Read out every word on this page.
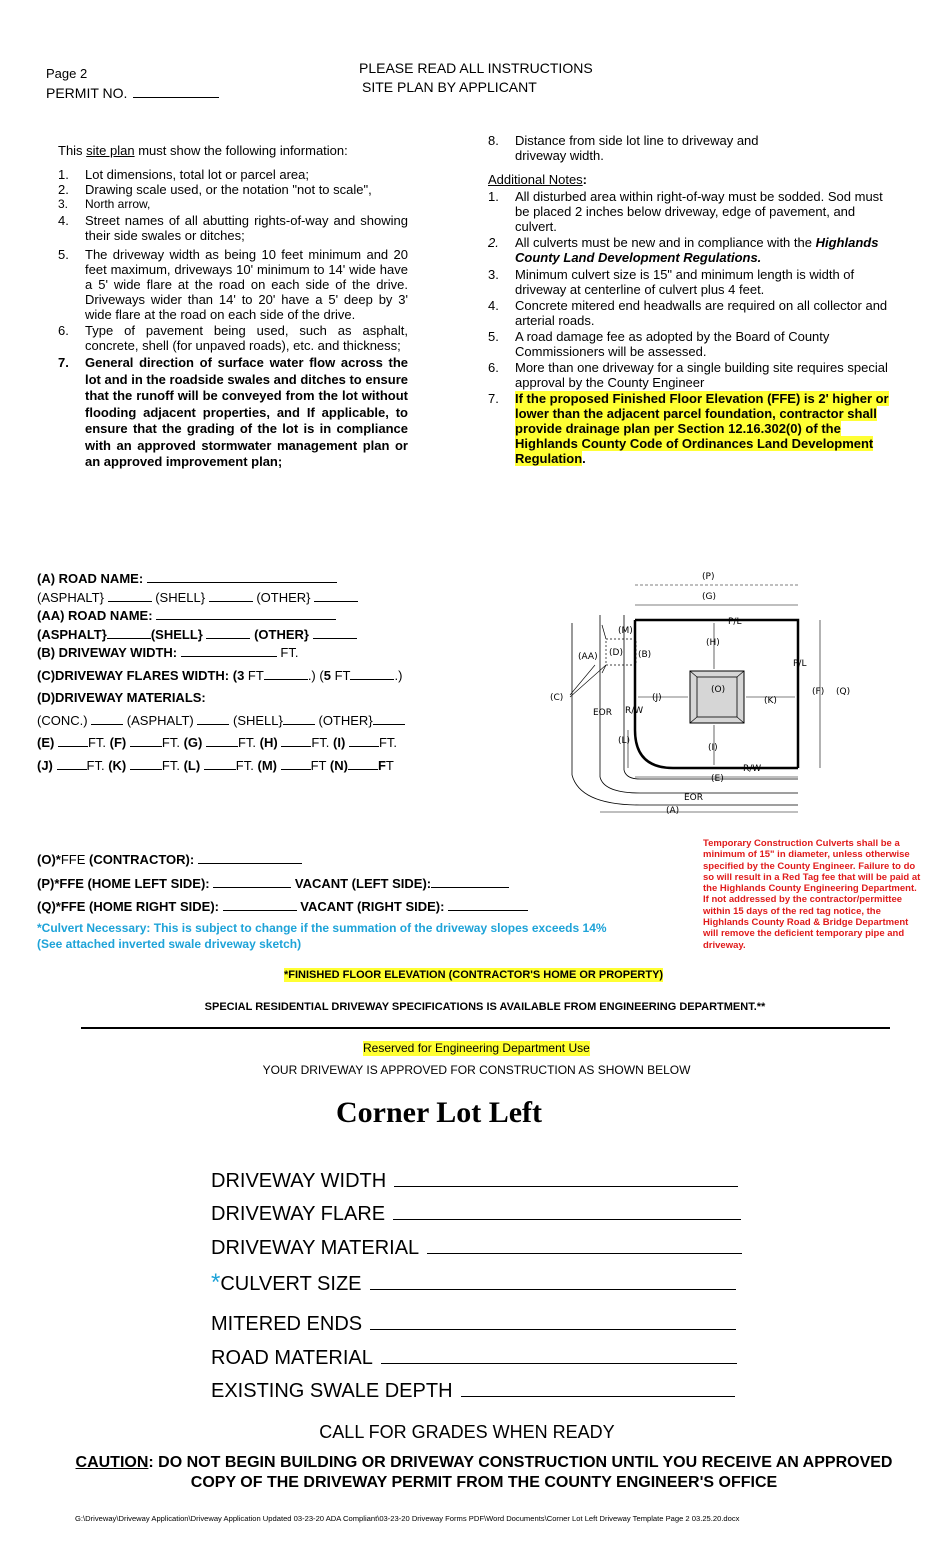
Page 2
PERMIT NO.
PLEASE READ ALL INSTRUCTIONS
SITE PLAN BY APPLICANT
This site plan must show the following information:
1. Lot dimensions, total lot or parcel area;
2. Drawing scale used, or the notation "not to scale",
3. North arrow,
4. Street names of all abutting rights-of-way and showing their side swales or ditches;
5. The driveway width as being 10 feet minimum and 20 feet maximum, driveways 10' minimum to 14' wide have a 5' wide flare at the road on each side of the drive. Driveways wider than 14' to 20' have a 5' deep by 3' wide flare at the road on each side of the drive.
6. Type of pavement being used, such as asphalt, concrete, shell (for unpaved roads), etc. and thickness;
7. General direction of surface water flow across the lot and in the roadside swales and ditches to ensure that the runoff will be conveyed from the lot without flooding adjacent properties, and If applicable, to ensure that the grading of the lot is in compliance with an approved stormwater management plan or an approved improvement plan;
8. Distance from side lot line to driveway and driveway width.
Additional Notes:
1. All disturbed area within right-of-way must be sodded. Sod must be placed 2 inches below driveway, edge of pavement, and culvert.
2. All culverts must be new and in compliance with the Highlands County Land Development Regulations.
3. Minimum culvert size is 15" and minimum length is width of driveway at centerline of culvert plus 4 feet.
4. Concrete mitered end headwalls are required on all collector and arterial roads.
5. A road damage fee as adopted by the Board of County Commissioners will be assessed.
6. More than one driveway for a single building site requires special approval by the County Engineer
7. If the proposed Finished Floor Elevation (FFE) is 2' higher or lower than the adjacent parcel foundation, contractor shall provide drainage plan per Section 12.16.302(0) of the Highlands County Code of Ordinances Land Development Regulation.
(A) ROAD NAME:
(ASPHALT}	(SHELL}	(OTHER}
(AA) ROAD NAME:
(ASPHALT}	(SHELL}	(OTHER}
(B) DRIVEWAY WIDTH:	FT.
(C)DRIVEWAY FLARES WIDTH: (3 FT	.) (5 FT	.)
(D)DRIVEWAY MATERIALS:
(CONC.)	(ASPHALT)	(SHELL}	(OTHER}
(E)	FT. (F)	FT. (G)	FT. (H)	FT. (I)	FT.
(J)	FT. (K)	FT. (L)	FT. (M)	FT (N) FT
(P)
(G)
P/L
(M)
(H)
(AA) (D) (B)
P/L
(O)	(F) (Q)
(C)	(J)	(K)
EOR R/W
(L)
(I)
R/W
(E)
EOR
(A)
(O)*FFE (CONTRACTOR):
(P)*FFE (HOME LEFT SIDE):	VACANT (LEFT SIDE):
(Q)*FFE (HOME RIGHT SIDE):	VACANT (RIGHT SIDE):
*Culvert Necessary: This is subject to change if the summation of the driveway slopes exceeds 14%
(See attached inverted swale driveway sketch)
Temporary Construction Culverts shall be a minimum of 15" in diameter, unless otherwise specified by the County Engineer. Failure to do so will result in a Red Tag fee that will be paid at the Highlands County Engineering Department. If not addressed by the contractor/permittee within 15 days of the red tag notice, the Highlands County Road & Bridge Department will remove the deficient temporary pipe and driveway.
*FINISHED FLOOR ELEVATION (CONTRACTOR'S HOME OR PROPERTY)
SPECIAL RESIDENTIAL DRIVEWAY SPECIFICATIONS IS AVAILABLE FROM ENGINEERING DEPARTMENT.**
Reserved for Engineering Department Use
YOUR DRIVEWAY IS APPROVED FOR CONSTRUCTION AS SHOWN BELOW
Corner Lot Left
DRIVEWAY WIDTH
DRIVEWAY FLARE
DRIVEWAY MATERIAL
*CULVERT SIZE
MITERED ENDS
ROAD MATERIAL
EXISTING SWALE DEPTH
CALL FOR GRADES WHEN READY
CAUTION: DO NOT BEGIN BUILDING OR DRIVEWAY CONSTRUCTION UNTIL YOU RECEIVE AN APPROVED
COPY OF THE DRIVEWAY PERMIT FROM THE COUNTY ENGINEER'S OFFICE
G:\Driveway\Driveway Application\Driveway Application Updated 03-23-20 ADA Compliant\03-23-20 Driveway Forms PDF\Word Documents\Corner Lot Left Driveway Template Page 2 03.25.20.docx
